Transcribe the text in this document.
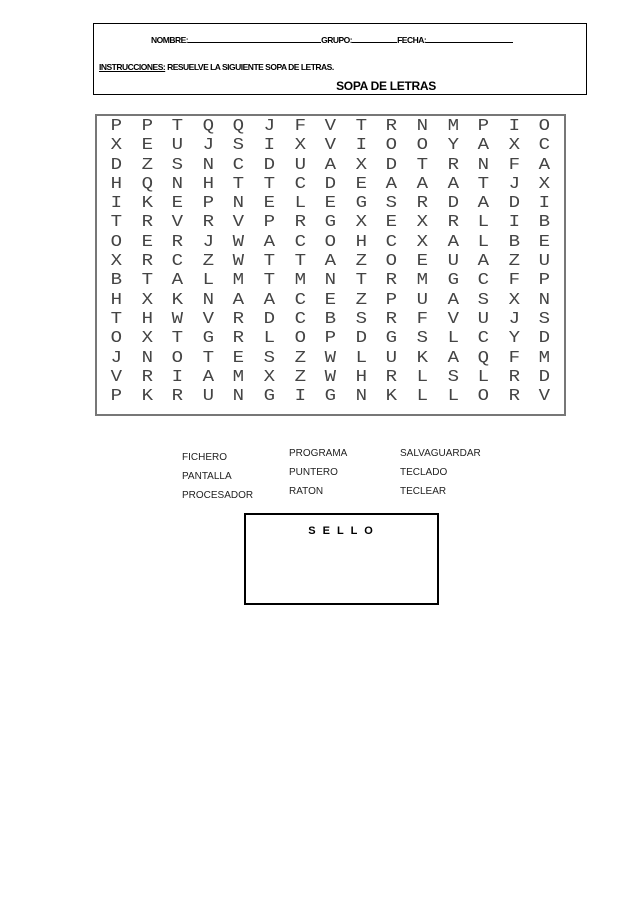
NOMBRE:	GRUPO:	FECHA:
INSTRUCCIONES: RESUELVE LA SIGUIENTE SOPA DE LETRAS.
SOPA DE LETRAS
P	P	T	Q	Q	J	F	V	T	R	N	M	P	I	O
X	E	U	J	S	I	X	V	I	O	O	Y	A	X	C
D	Z	S	N	C	D	U	A	X	D	T	R	N	F	A
H	Q	N	H	T	T	C	D	E	A	A	A	T	J	X
I	K	E	P	N	E	L	E	G	S	R	D	A	D	I
T	R	V	R	V	P	R	G	X	E	X	R	L	I	B
O	E	R	J	W	A	C	O	H	C	X	A	L	B	E
X	R	C	Z	W	T	T	A	Z	O	E	U	A	Z	U
B	T	A	L	M	T	M	N	T	R	M	G	C	F	P
H	X	K	N	A	A	C	E	Z	P	U	A	S	X	N
T	H	W	V	R	D	C	B	S	R	F	V	U	J	S
O	X	T	G	R	L	O	P	D	G	S	L	C	Y	D
J	N	O	T	E	S	Z	W	L	U	K	A	Q	F	M
V	R	I	A	M	X	Z	W	H	R	L	S	L	R	D
P	K	R	U	N	G	I	G	N	K	L	L	O	R	V
FICHERO
PANTALLA
PROCESADOR
PROGRAMA
PUNTERO
RATON
SALVAGUARDAR
TECLADO
TECLEAR
S E L L O
